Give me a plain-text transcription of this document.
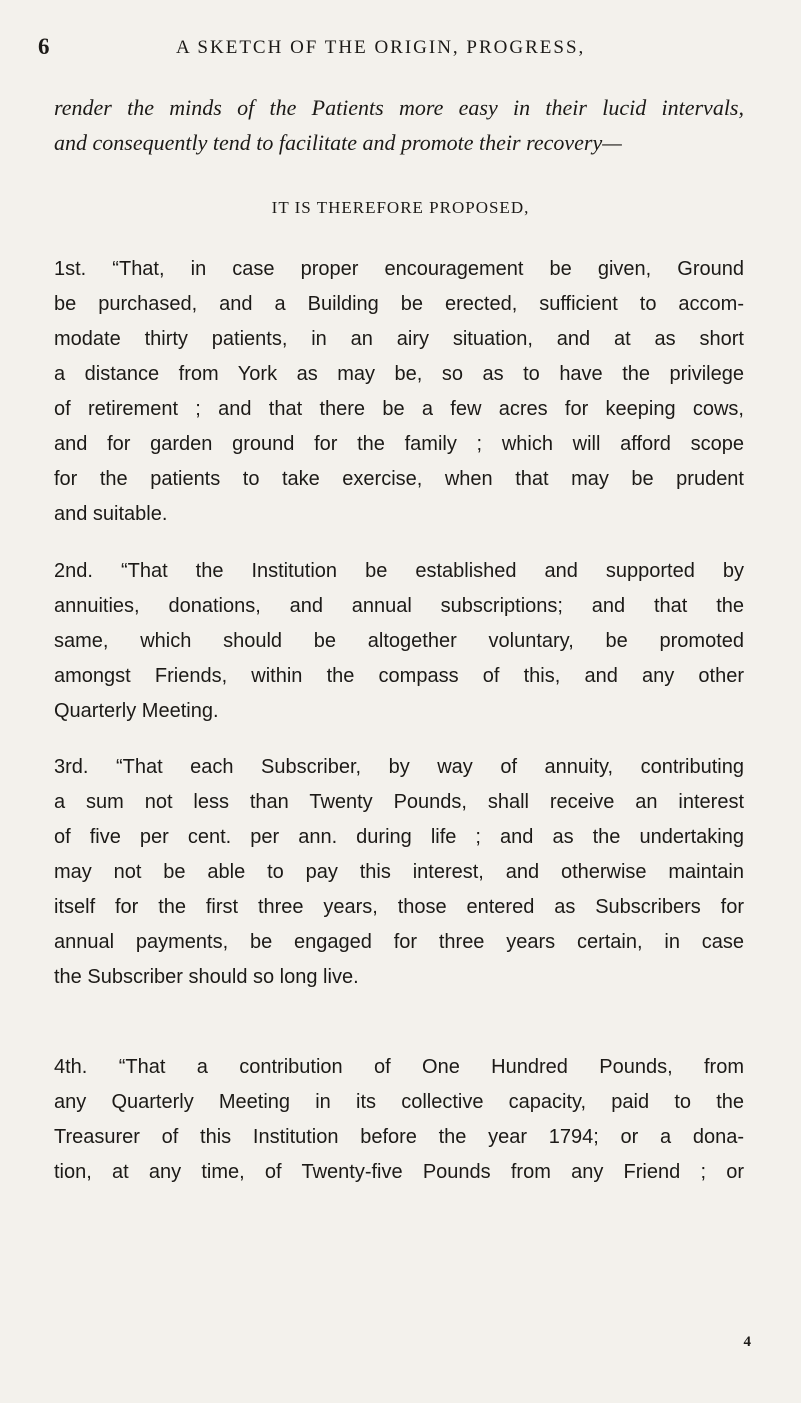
6	A SKETCH OF THE ORIGIN, PROGRESS,
render the minds of the Patients more easy in their lucid intervals,
and consequently tend to facilitate and promote their recovery—
IT IS THEREFORE PROPOSED,
1st. “That, in case proper encouragement be given, Ground
be purchased, and a Building be erected, sufficient to accom-
modate thirty patients, in an airy situation, and at as short
a distance from York as may be, so as to have the privilege
of retirement ; and that there be a few acres for keeping cows,
and for garden ground for the family ; which will afford scope
for the patients to take exercise, when that may be prudent
and suitable.
2nd. “That the Institution be established and supported by
annuities, donations, and annual subscriptions; and that the
same, which should be altogether voluntary, be promoted
amongst Friends, within the compass of this, and any other
Quarterly Meeting.
3rd. “That each Subscriber, by way of annuity, contributing
a sum not less than Twenty Pounds, shall receive an interest
of five per cent. per ann. during life ; and as the undertaking
may not be able to pay this interest, and otherwise maintain
itself for the first three years, those entered as Subscribers for
annual payments, be engaged for three years certain, in case
the Subscriber should so long live.
4th. “That a contribution of One Hundred Pounds, from
any Quarterly Meeting in its collective capacity, paid to the
Treasurer of this Institution before the year 1794; or a dona-
tion, at any time, of Twenty-five Pounds from any Friend ; or
4
